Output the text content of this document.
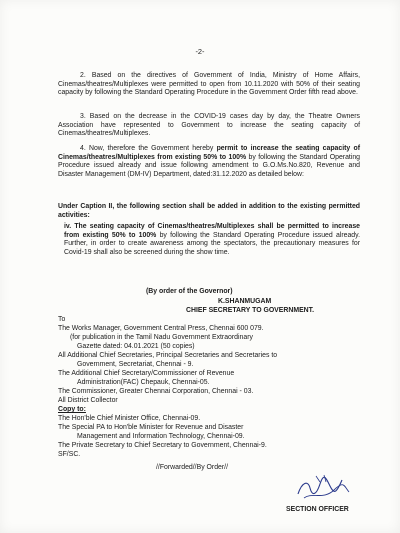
-2-

2. Based on the directives of Government of India, Ministry of Home Affairs, Cinemas/theatres/Multiplexes were permitted to open from 10.11.2020 with 50% of their seating capacity by following the Standard Operating Procedure in the Government Order fifth read above.

3. Based on the decrease in the COVID-19 cases day by day, the Theatre Owners Association have represented to Government to increase the seating capacity of Cinemas/theatres/Multiplexes.

4. Now, therefore the Government hereby permit to increase the seating capacity of Cinemas/theatres/Multiplexes from existing 50% to 100% by following the Standard Operating Procedure issued already and issue following amendment to G.O.Ms.No.820, Revenue and Disaster Management (DM-IV) Department, dated:31.12.2020 as detailed below:

Under Caption II, the following section shall be added in addition to the existing permitted activities:

iv. The seating capacity of Cinemas/theatres/Multiplexes shall be permitted to increase from existing 50% to 100% by following the Standard Operating Procedure issued already. Further, in order to create awareness among the spectators, the precautionary measures for Covid-19 shall also be screened during the show time.

(By order of the Governor)
K.SHANMUGAM
CHIEF SECRETARY TO GOVERNMENT.
To
The Works Manager, Government Central Press, Chennai 600 079.
(for publication in the Tamil Nadu Government Extraordinary
Gazette dated: 04.01.2021 (50 copies)
All Additional Chief Secretaries, Principal Secretaries and Secretaries to
Government, Secretariat, Chennai - 9.
The Additional Chief Secretary/Commissioner of Revenue
Administration(FAC) Chepauk, Chennai-05.
The Commissioner, Greater Chennai Corporation, Chennai - 03.
All District Collector
Copy to:
The Hon'ble Chief Minister Office, Chennai-09.
The Special PA to Hon'ble Minister for Revenue and Disaster
Management and Information Technology, Chennai-09.
The Private Secretary to Chief Secretary to Government, Chennai-9.
SF/SC.
//Forwarded//By Order//
SECTION OFFICER
